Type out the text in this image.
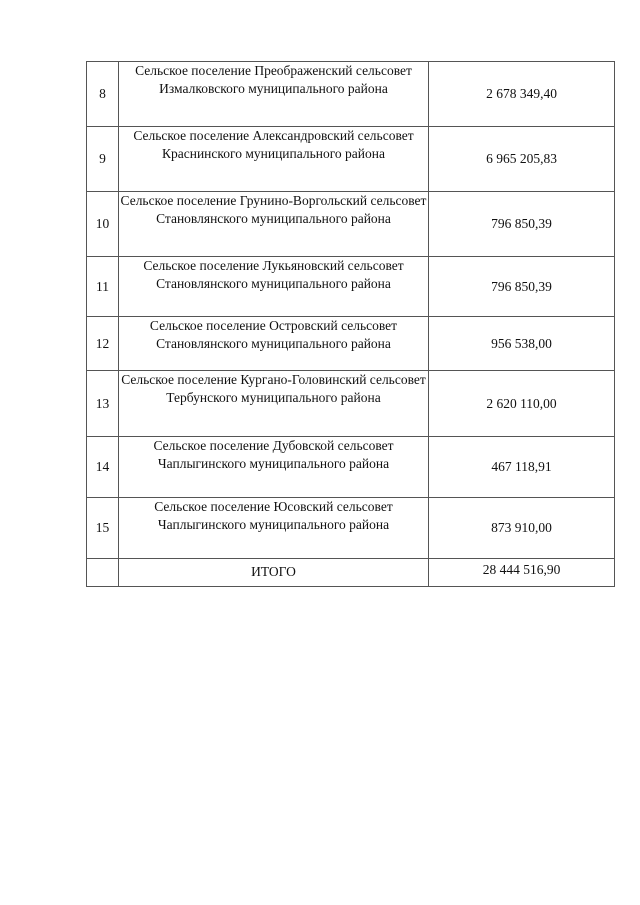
8	Сельское поселение Преображенский сельсовет Измалковского муниципального района	2 678 349,40
9	Сельское поселение Александровский сельсовет Краснинского муниципального района	6 965 205,83
10	Сельское поселение Грунино-Воргольский сельсовет Становлянского муниципального района	796 850,39
11	Сельское поселение Лукьяновский сельсовет Становлянского муниципального района	796 850,39
12	Сельское поселение Островский сельсовет Становлянского муниципального района	956 538,00
13	Сельское поселение Кургано-Головинский сельсовет Тербунского муниципального района	2 620 110,00
14	Сельское поселение Дубовской сельсовет Чаплыгинского муниципального района	467 118,91
15	Сельское поселение Юсовский сельсовет Чаплыгинского муниципального района	873 910,00
	ИТОГО	28 444 516,90
